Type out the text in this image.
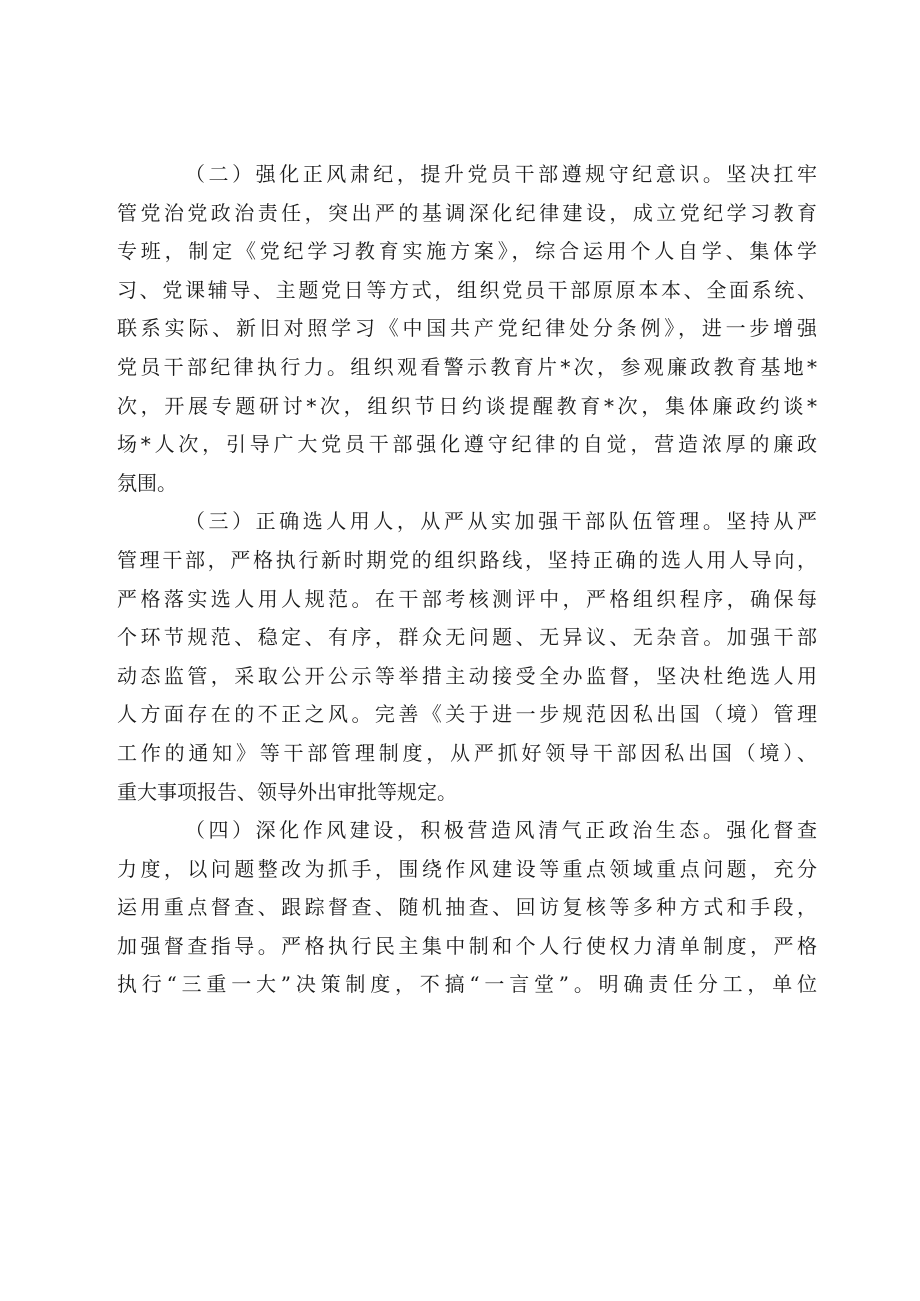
（二）强化正风肃纪，提升党员干部遵规守纪意识。坚决扛牢
管党治党政治责任，突出严的基调深化纪律建设，成立党纪学习教育
专班，制定《党纪学习教育实施方案》，综合运用个人自学、集体学
习、党课辅导、主题党日等方式，组织党员干部原原本本、全面系统、
联系实际、新旧对照学习《中国共产党纪律处分条例》，进一步增强
党员干部纪律执行力。组织观看警示教育片*次，参观廉政教育基地*
次，开展专题研讨*次，组织节日约谈提醒教育*次，集体廉政约谈*
场*人次，引导广大党员干部强化遵守纪律的自觉，营造浓厚的廉政
氛围。
（三）正确选人用人，从严从实加强干部队伍管理。坚持从严
管理干部，严格执行新时期党的组织路线，坚持正确的选人用人导向，
严格落实选人用人规范。在干部考核测评中，严格组织程序，确保每
个环节规范、稳定、有序，群众无问题、无异议、无杂音。加强干部
动态监管，采取公开公示等举措主动接受全办监督，坚决杜绝选人用
人方面存在的不正之风。完善《关于进一步规范因私出国（境）管理
工作的通知》等干部管理制度，从严抓好领导干部因私出国（境）、
重大事项报告、领导外出审批等规定。
（四）深化作风建设，积极营造风清气正政治生态。强化督查
力度，以问题整改为抓手，围绕作风建设等重点领域重点问题，充分
运用重点督查、跟踪督查、随机抽查、回访复核等多种方式和手段，
加强督查指导。严格执行民主集中制和个人行使权力清单制度，严格
执行“三重一大”决策制度，不搞“一言堂”。明确责任分工，单位
